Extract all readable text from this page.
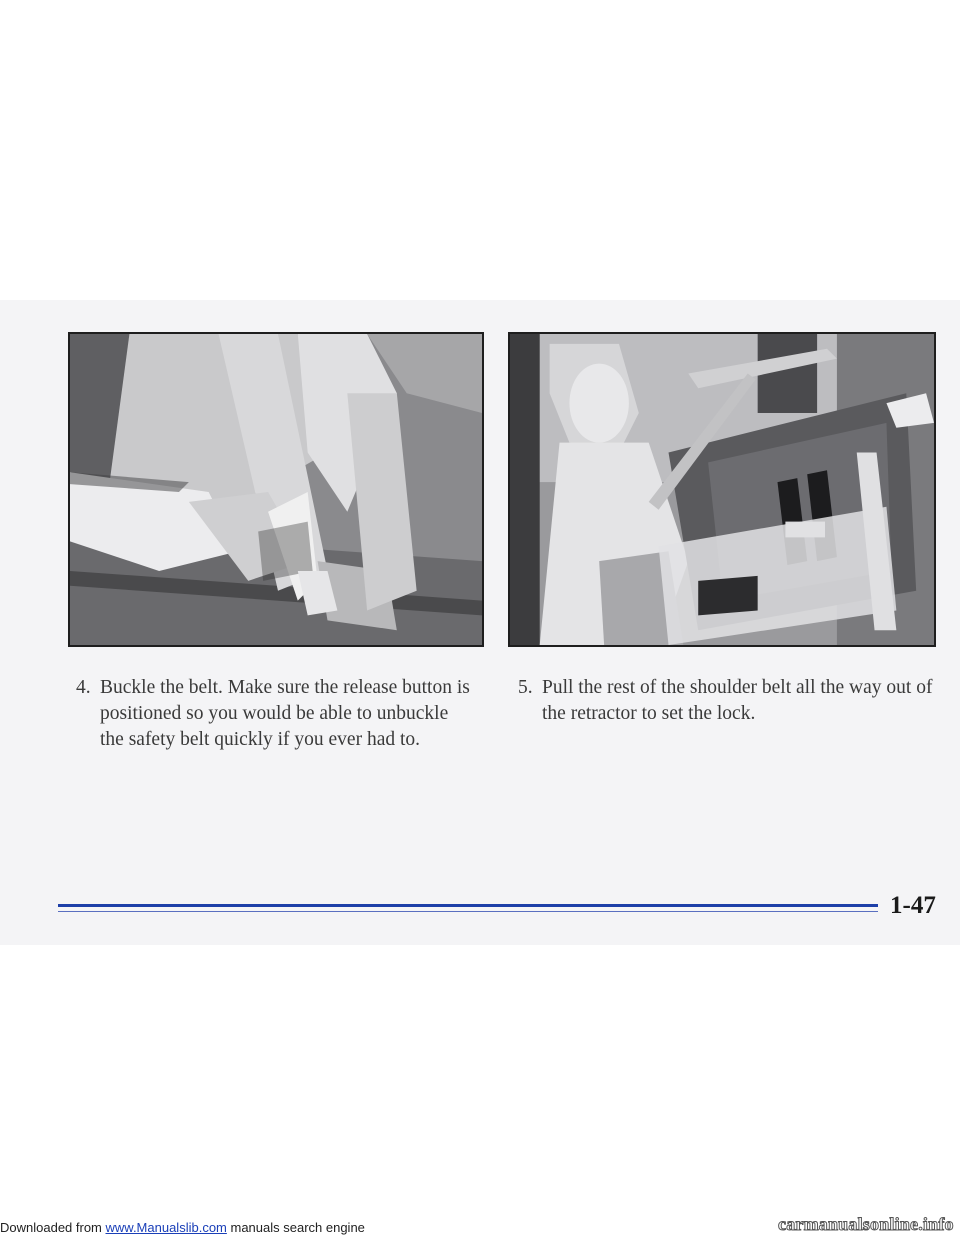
4. Buckle the belt. Make sure the release button is positioned so you would be able to unbuckle the safety belt quickly if you ever had to.
5. Pull the rest of the shoulder belt all the way out of the retractor to set the lock.
1-47
Downloaded from www.Manualslib.com manuals search engine	carmanualsonline.info
